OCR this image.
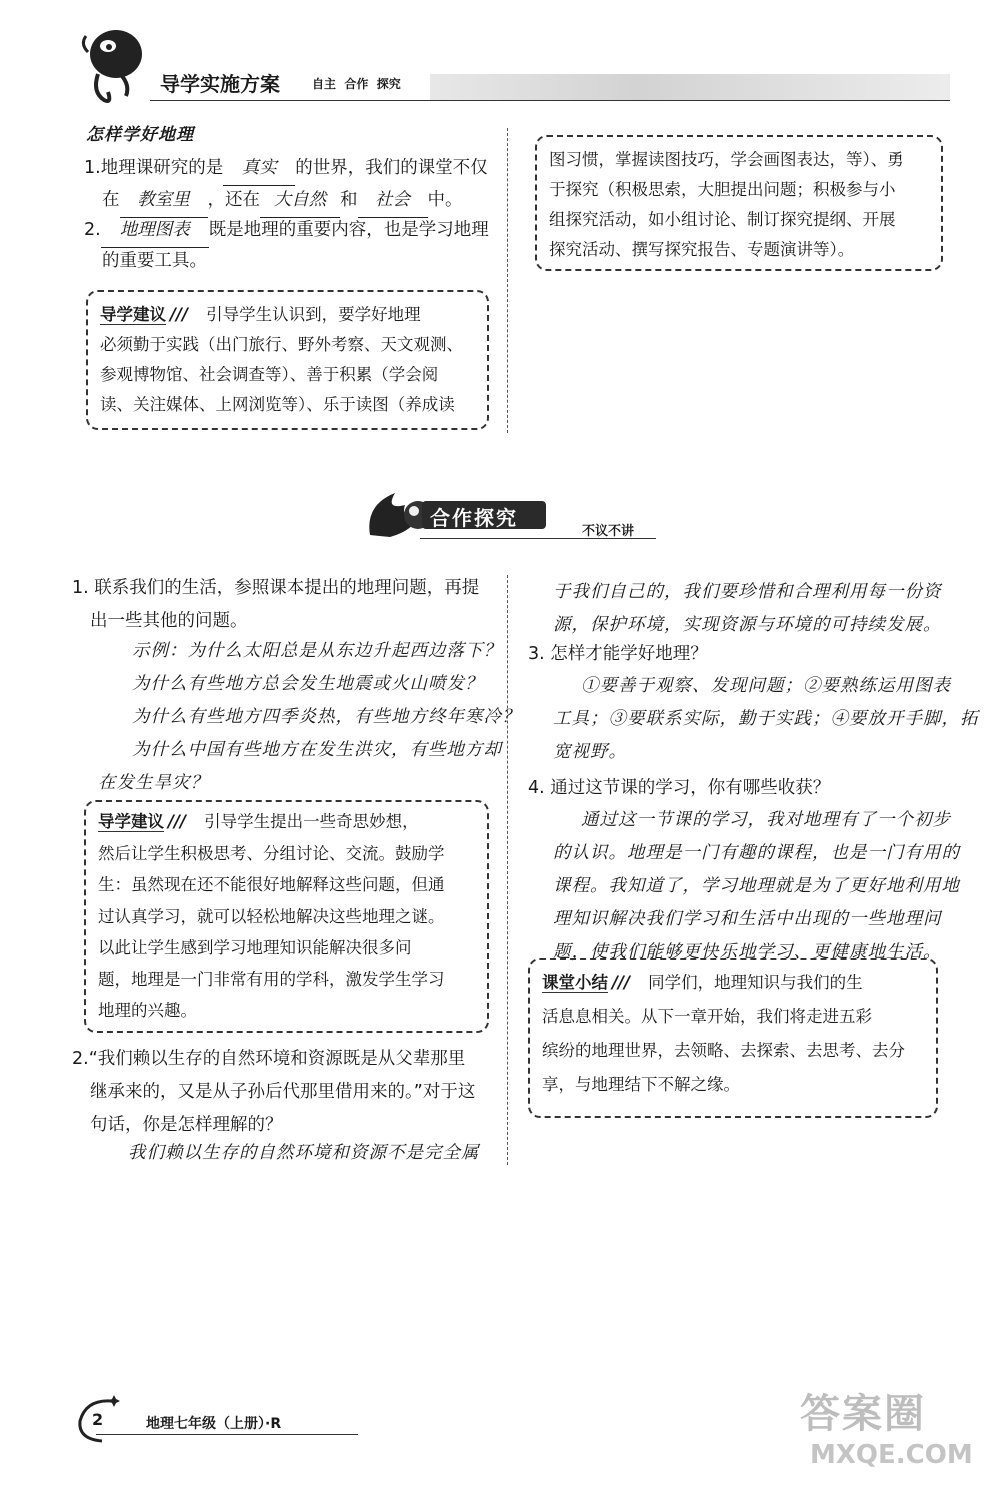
导学实施方案	自主  合作  探究
怎样学好地理
1.地理课研究的是 真实 的世界，我们的课堂不仅
在 教室里 ，还在 大自然 和 社会 中。
2. 地理图表 既是地理的重要内容，也是学习地理
的重要工具。
导学建议 /// 引导学生认识到，要学好地理
必须勤于实践（出门旅行、野外考察、天文观测、
参观博物馆、社会调查等）、善于积累（学会阅
读、关注媒体、上网浏览等）、乐于读图（养成读
图习惯，掌握读图技巧，学会画图表达，等）、勇
于探究（积极思索，大胆提出问题；积极参与小
组探究活动，如小组讨论、制订探究提纲、开展
探究活动、撰写探究报告、专题演讲等）。
合作探究
不议不讲
1. 联系我们的生活，参照课本提出的地理问题，再提
出一些其他的问题。
示例：为什么太阳总是从东边升起西边落下？
为什么有些地方总会发生地震或火山喷发？
为什么有些地方四季炎热，有些地方终年寒冷？
为什么中国有些地方在发生洪灾，有些地方却
在发生旱灾？
导学建议 /// 引导学生提出一些奇思妙想，
然后让学生积极思考、分组讨论、交流。鼓励学
生：虽然现在还不能很好地解释这些问题，但通
过认真学习，就可以轻松地解决这些地理之谜。
以此让学生感到学习地理知识能解决很多问
题，地理是一门非常有用的学科，激发学生学习
地理的兴趣。
2.“我们赖以生存的自然环境和资源既是从父辈那里
继承来的，又是从子孙后代那里借用来的。”对于这
句话，你是怎样理解的？
我们赖以生存的自然环境和资源不是完全属
于我们自己的，我们要珍惜和合理利用每一份资
源，保护环境，实现资源与环境的可持续发展。
3. 怎样才能学好地理？
①要善于观察、发现问题；②要熟练运用图表
工具；③要联系实际，勤于实践；④要放开手脚，拓
宽视野。
4. 通过这节课的学习，你有哪些收获？
通过这一节课的学习，我对地理有了一个初步
的认识。地理是一门有趣的课程，也是一门有用的
课程。我知道了，学习地理就是为了更好地利用地
理知识解决我们学习和生活中出现的一些地理问
题，使我们能够更快乐地学习、更健康地生活。
课堂小结 /// 同学们，地理知识与我们的生
活息息相关。从下一章开始，我们将走进五彩
缤纷的地理世界，去领略、去探索、去思考、去分
享，与地理结下不解之缘。
2	地理七年级（上册）·R	答案圈
MXQE.COM
